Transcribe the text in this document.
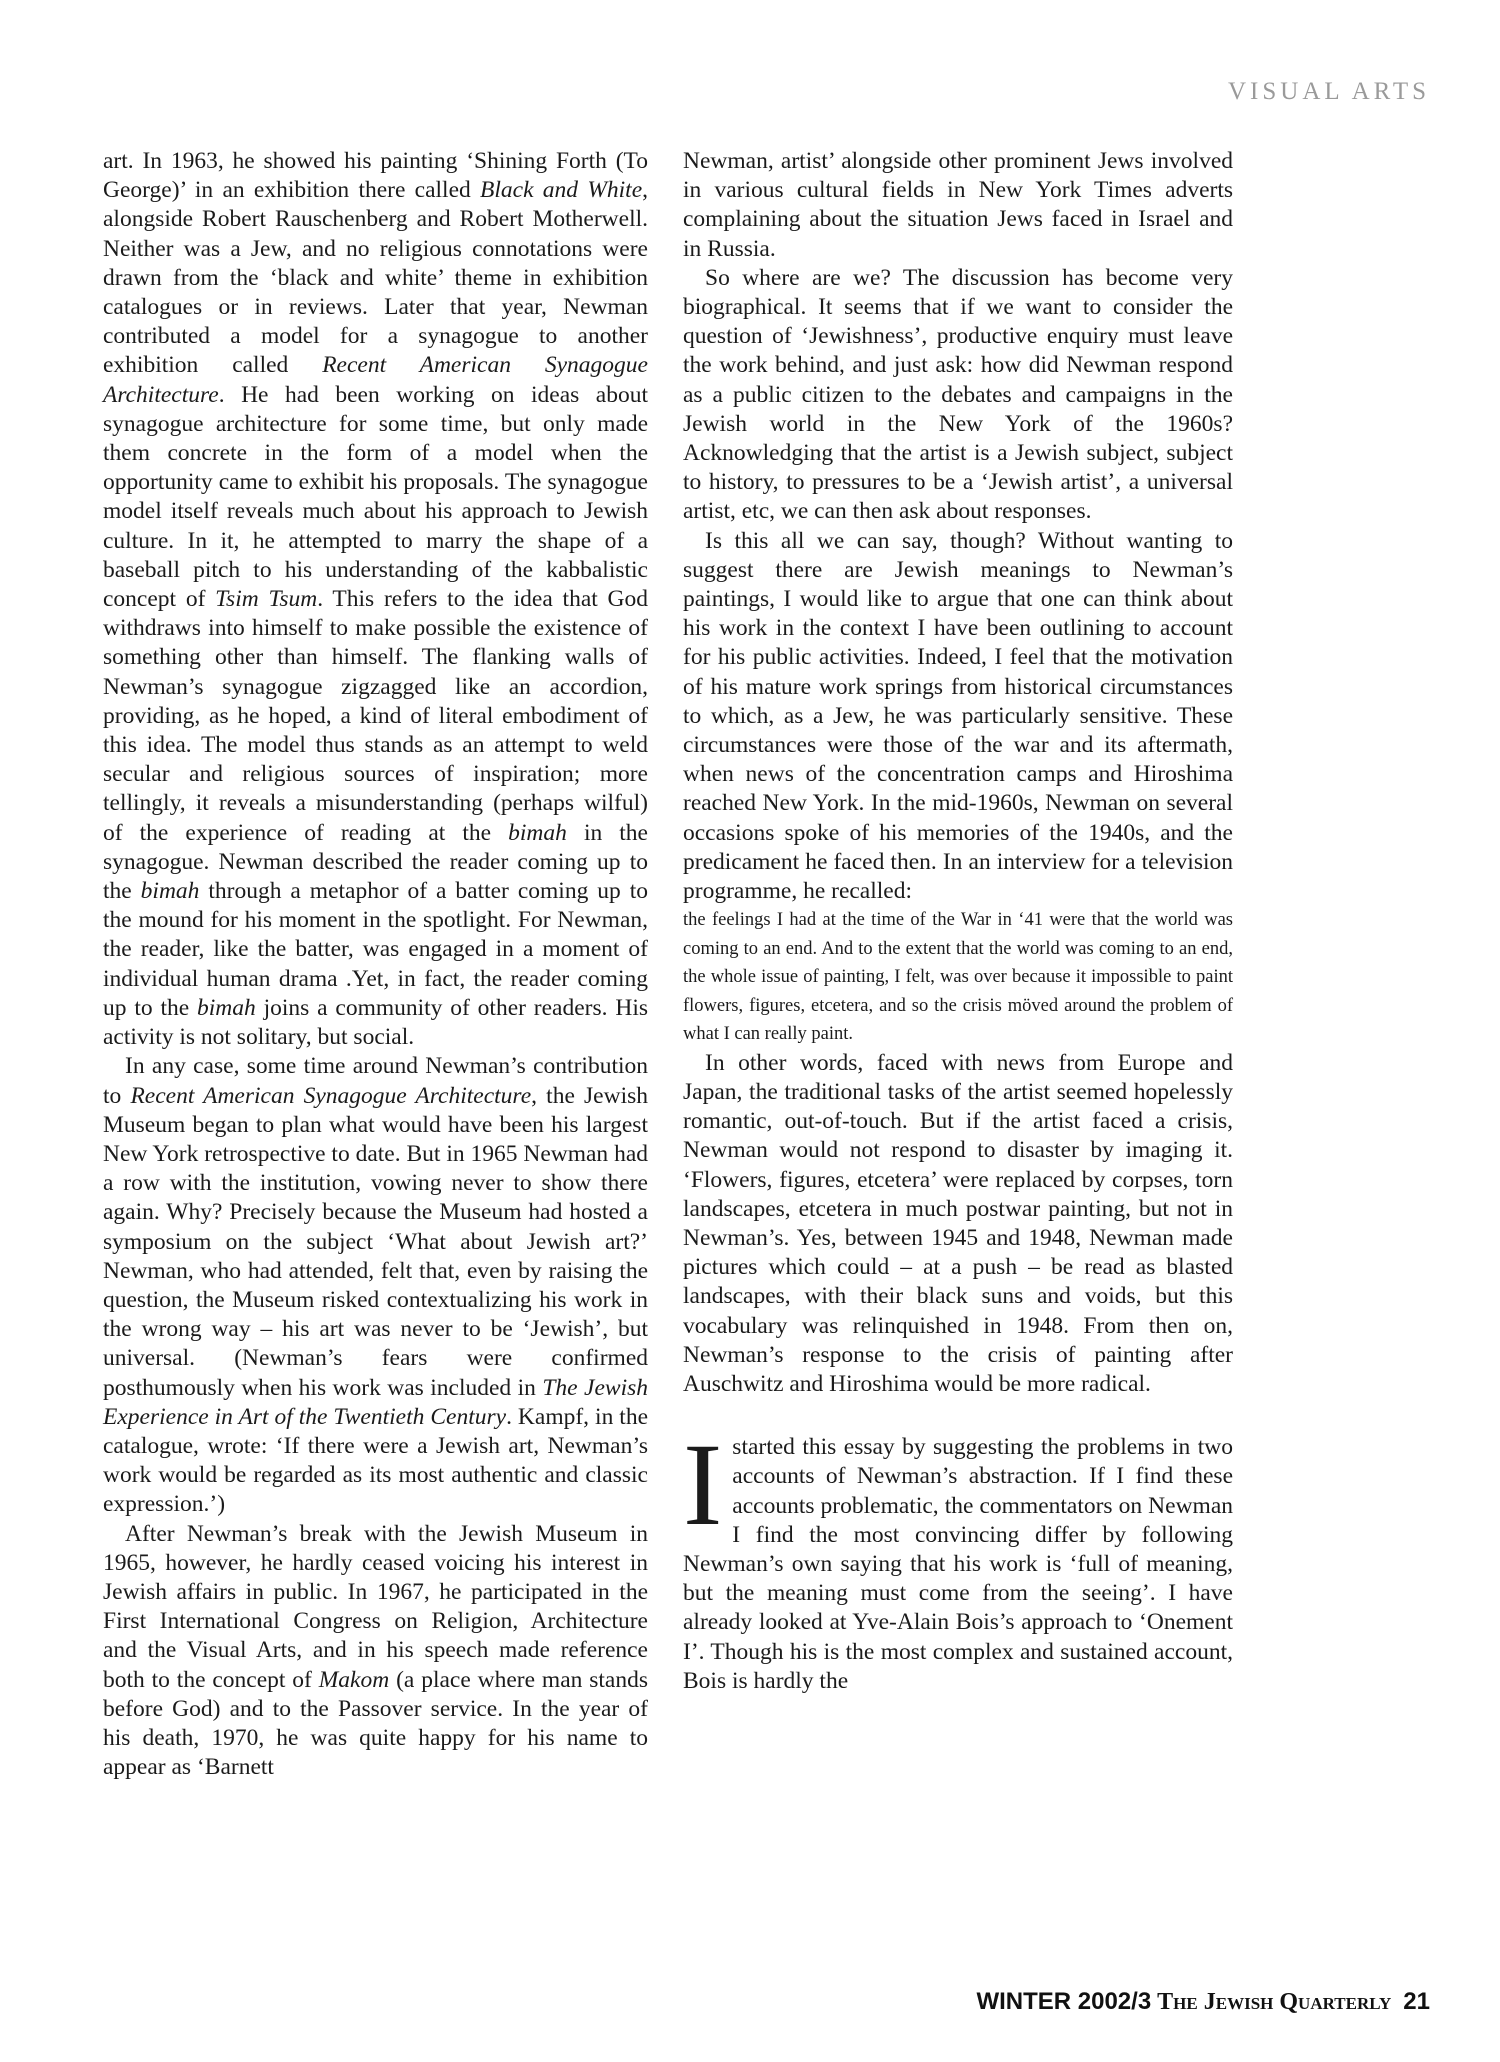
VISUAL ARTS

art. In 1963, he showed his painting ‘Shining Forth (To George)’ in an exhibition there called Black and White, alongside Robert Rauschenberg and Robert Motherwell. Neither was a Jew, and no religious connotations were drawn from the ‘black and white’ theme in exhibition catalogues or in reviews. Later that year, Newman contributed a model for a synagogue to another exhibition called Recent American Synagogue Architecture. He had been working on ideas about synagogue architecture for some time, but only made them concrete in the form of a model when the opportunity came to exhibit his proposals. The synagogue model itself reveals much about his approach to Jewish culture. In it, he attempted to marry the shape of a baseball pitch to his understanding of the kabbalistic concept of Tsim Tsum. This refers to the idea that God withdraws into himself to make possible the existence of something other than himself. The flanking walls of Newman’s synagogue zigzagged like an accordion, providing, as he hoped, a kind of literal embodiment of this idea. The model thus stands as an attempt to weld secular and religious sources of inspiration; more tellingly, it reveals a misunderstanding (perhaps wilful) of the experience of reading at the bimah in the synagogue. Newman described the reader coming up to the bimah through a metaphor of a batter coming up to the mound for his moment in the spotlight. For Newman, the reader, like the batter, was engaged in a moment of individual human drama .Yet, in fact, the reader coming up to the bimah joins a community of other readers. His activity is not solitary, but social.

In any case, some time around Newman’s contribution to Recent American Synagogue Architecture, the Jewish Museum began to plan what would have been his largest New York retrospective to date. But in 1965 Newman had a row with the institution, vowing never to show there again. Why? Precisely because the Museum had hosted a symposium on the subject ‘What about Jewish art?’ Newman, who had attended, felt that, even by raising the question, the Museum risked contextualizing his work in the wrong way – his art was never to be ‘Jewish’, but universal. (Newman’s fears were confirmed posthumously when his work was included in The Jewish Experience in Art of the Twentieth Century. Kampf, in the catalogue, wrote: ‘If there were a Jewish art, Newman’s work would be regarded as its most authentic and classic expression.’)

After Newman’s break with the Jewish Museum in 1965, however, he hardly ceased voicing his interest in Jewish affairs in public. In 1967, he participated in the First International Congress on Religion, Architecture and the Visual Arts, and in his speech made reference both to the concept of Makom (a place where man stands before God) and to the Passover service. In the year of his death, 1970, he was quite happy for his name to appear as ‘Barnett

Newman, artist’ alongside other prominent Jews involved in various cultural fields in New York Times adverts complaining about the situation Jews faced in Israel and in Russia.

So where are we? The discussion has become very biographical. It seems that if we want to consider the question of ‘Jewishness’, productive enquiry must leave the work behind, and just ask: how did Newman respond as a public citizen to the debates and campaigns in the Jewish world in the New York of the 1960s? Acknowledging that the artist is a Jewish subject, subject to history, to pressures to be a ‘Jewish artist’, a universal artist, etc, we can then ask about responses.

Is this all we can say, though? Without wanting to suggest there are Jewish meanings to Newman’s paintings, I would like to argue that one can think about his work in the context I have been outlining to account for his public activities. Indeed, I feel that the motivation of his mature work springs from historical circumstances to which, as a Jew, he was particularly sensitive. These circumstances were those of the war and its aftermath, when news of the concentration camps and Hiroshima reached New York. In the mid-1960s, Newman on several occasions spoke of his memories of the 1940s, and the predicament he faced then. In an interview for a television programme, he recalled:

the feelings I had at the time of the War in ‘41 were that the world was coming to an end. And to the extent that the world was coming to an end, the whole issue of painting, I felt, was over because it impossible to paint flowers, figures, etcetera, and so the crisis möved around the problem of what I can really paint.

In other words, faced with news from Europe and Japan, the traditional tasks of the artist seemed hopelessly romantic, out-of-touch. But if the artist faced a crisis, Newman would not respond to disaster by imaging it. ‘Flowers, figures, etcetera’ were replaced by corpses, torn landscapes, etcetera in much postwar painting, but not in Newman’s. Yes, between 1945 and 1948, Newman made pictures which could – at a push – be read as blasted landscapes, with their black suns and voids, but this vocabulary was relinquished in 1948. From then on, Newman’s response to the crisis of painting after Auschwitz and Hiroshima would be more radical.

Istarted this essay by suggesting the problems in two accounts of Newman’s abstraction. If I find these accounts problematic, the commentators on Newman I find the most convincing differ by following Newman’s own saying that his work is ‘full of meaning, but the meaning must come from the seeing’. I have already looked at Yve-Alain Bois’s approach to ‘Onement I’. Though his is the most complex and sustained account, Bois is hardly the

WINTER 2002/3 The Jewish Quarterly 21
